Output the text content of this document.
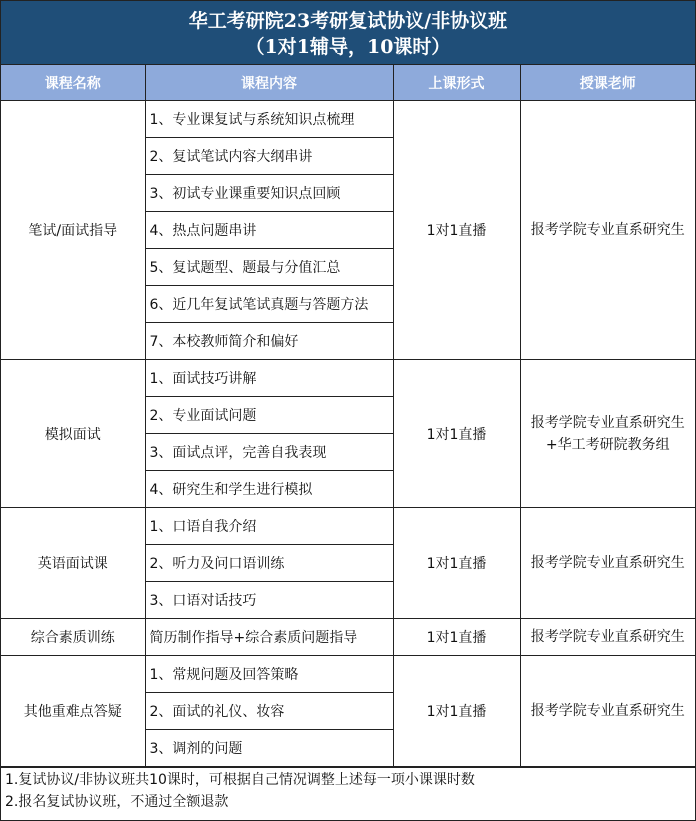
华工考研院23考研复试协议/非协议班
（1对1辅导，10课时）
课程名称	课程内容	上课形式	授课老师
笔试/面试指导	1、专业课复试与系统知识点梳理	1对1直播	报考学院专业直系研究生
	2、复试笔试内容大纲串讲		
	3、初试专业课重要知识点回顾		
	4、热点问题串讲		
	5、复试题型、题最与分值汇总		
	6、近几年复试笔试真题与答题方法		
	7、本校教师简介和偏好		
模拟面试	1、面试技巧讲解	1对1直播	报考学院专业直系研究生
+华工考研院教务组
	2、专业面试问题		
	3、面试点评，完善自我表现		
	4、研究生和学生进行模拟		
英语面试课	1、口语自我介绍	1对1直播	报考学院专业直系研究生
	2、听力及问口语训练		
	3、口语对话技巧		
综合素质训练	简历制作指导+综合素质问题指导	1对1直播	报考学院专业直系研究生
其他重难点答疑	1、常规问题及回答策略	1对1直播	报考学院专业直系研究生
	2、面试的礼仪、妆容		
	3、调剂的问题		
1.复试协议/非协议班共10课时，可根据自己情况调整上述每一项小课课时数
2.报名复试协议班，不通过全额退款
